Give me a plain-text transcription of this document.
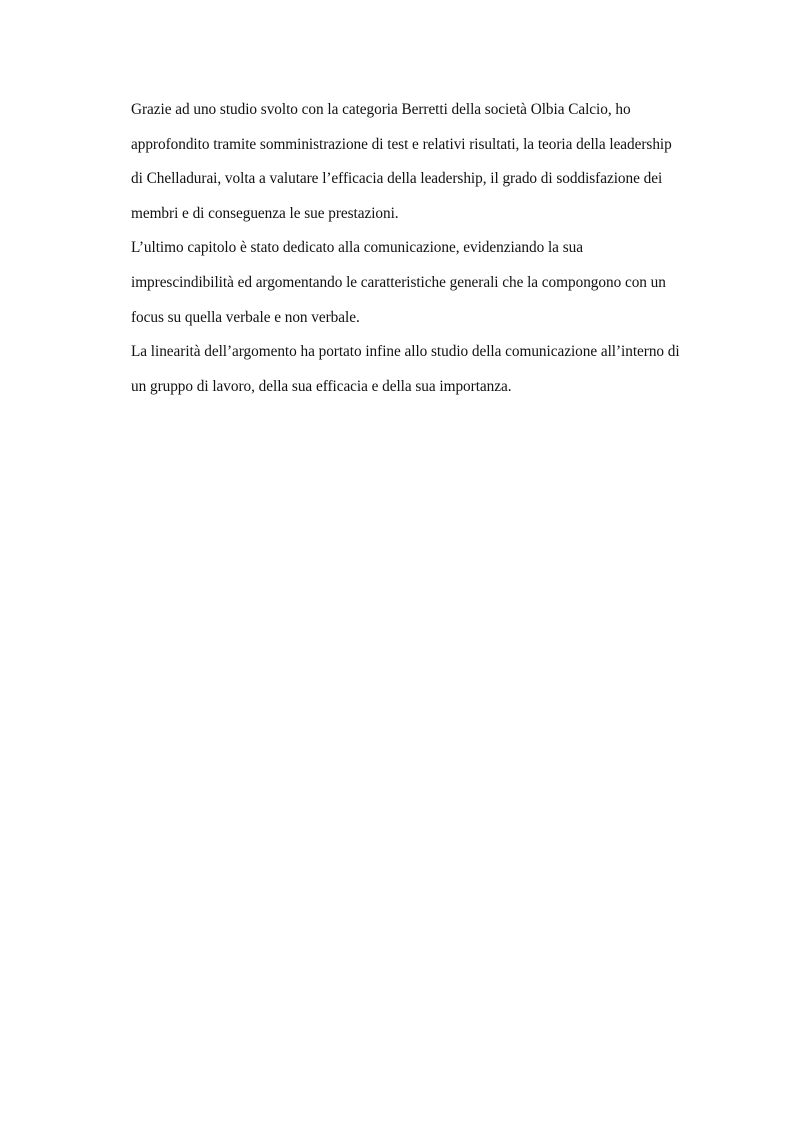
Grazie ad uno studio svolto con la categoria Berretti della società Olbia Calcio, ho
approfondito tramite somministrazione di test e relativi risultati, la teoria della leadership
di Chelladurai, volta a valutare l’efficacia della leadership, il grado di soddisfazione dei
membri e di conseguenza le sue prestazioni.
L’ultimo capitolo è stato dedicato alla comunicazione, evidenziando la sua
imprescindibilità ed argomentando le caratteristiche generali che la compongono con un
focus su quella verbale e non verbale.
La linearità dell’argomento ha portato infine allo studio della comunicazione all’interno di
un gruppo di lavoro, della sua efficacia e della sua importanza.
